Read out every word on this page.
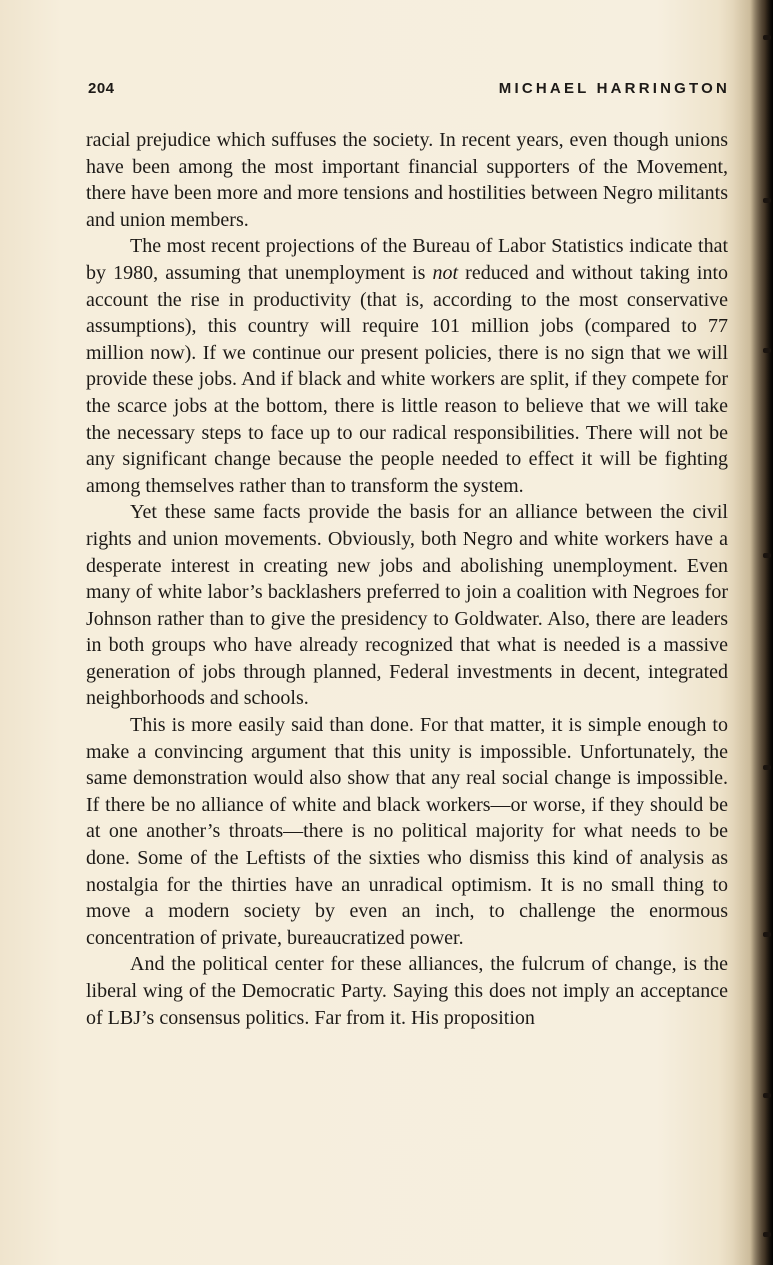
204	MICHAEL HARRINGTON

racial prejudice which suffuses the society. In recent years, even though unions have been among the most important financial supporters of the Movement, there have been more and more tensions and hostilities between Negro militants and union members.

The most recent projections of the Bureau of Labor Statistics indicate that by 1980, assuming that unemployment is not reduced and without taking into account the rise in productivity (that is, according to the most conservative assumptions), this country will require 101 million jobs (compared to 77 million now). If we continue our present policies, there is no sign that we will provide these jobs. And if black and white workers are split, if they compete for the scarce jobs at the bottom, there is little reason to believe that we will take the necessary steps to face up to our radical responsibilities. There will not be any significant change because the people needed to effect it will be fighting among themselves rather than to transform the system.

Yet these same facts provide the basis for an alliance between the civil rights and union movements. Obviously, both Negro and white workers have a desperate interest in creating new jobs and abolishing unemployment. Even many of white labor’s backlashers preferred to join a coalition with Negroes for Johnson rather than to give the presidency to Goldwater. Also, there are leaders in both groups who have already recognized that what is needed is a massive generation of jobs through planned, Federal investments in decent, integrated neighborhoods and schools.

This is more easily said than done. For that matter, it is simple enough to make a convincing argument that this unity is impossible. Unfortunately, the same demonstration would also show that any real social change is impossible. If there be no alliance of white and black workers—or worse, if they should be at one another’s throats—there is no political majority for what needs to be done. Some of the Leftists of the sixties who dismiss this kind of analysis as nostalgia for the thirties have an unradical optimism. It is no small thing to move a modern society by even an inch, to challenge the enormous concentration of private, bureaucratized power.

And the political center for these alliances, the fulcrum of change, is the liberal wing of the Democratic Party. Saying this does not imply an acceptance of LBJ’s consensus politics. Far from it. His proposition
